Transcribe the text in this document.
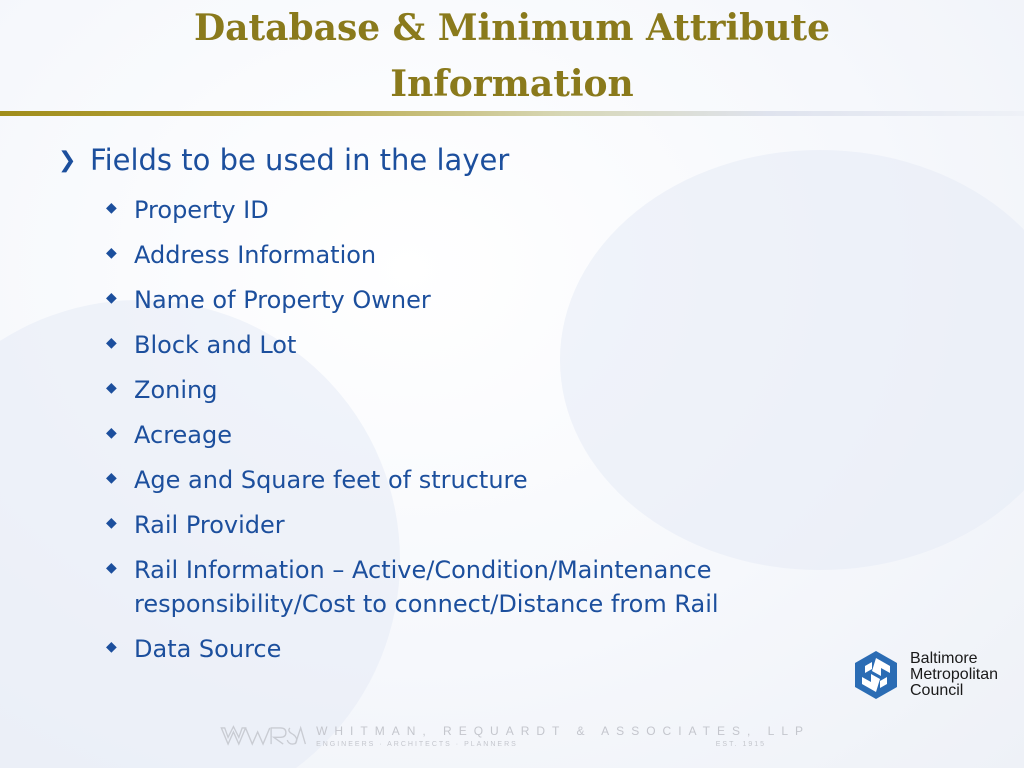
Database & Minimum Attribute
Information
❯ Fields to be used in the layer
◆ Property ID
◆ Address Information
◆ Name of Property Owner
◆ Block and Lot
◆ Zoning
◆ Acreage
◆ Age and Square feet of structure
◆ Rail Provider
◆ Rail Information – Active/Condition/Maintenance responsibility/Cost to connect/Distance from Rail
◆ Data Source	Baltimore
Metropolitan
Council
WHITMAN, REQUARDT & ASSOCIATES, LLP
ENGINEERS · ARCHITECTS · PLANNERS	EST. 1915
